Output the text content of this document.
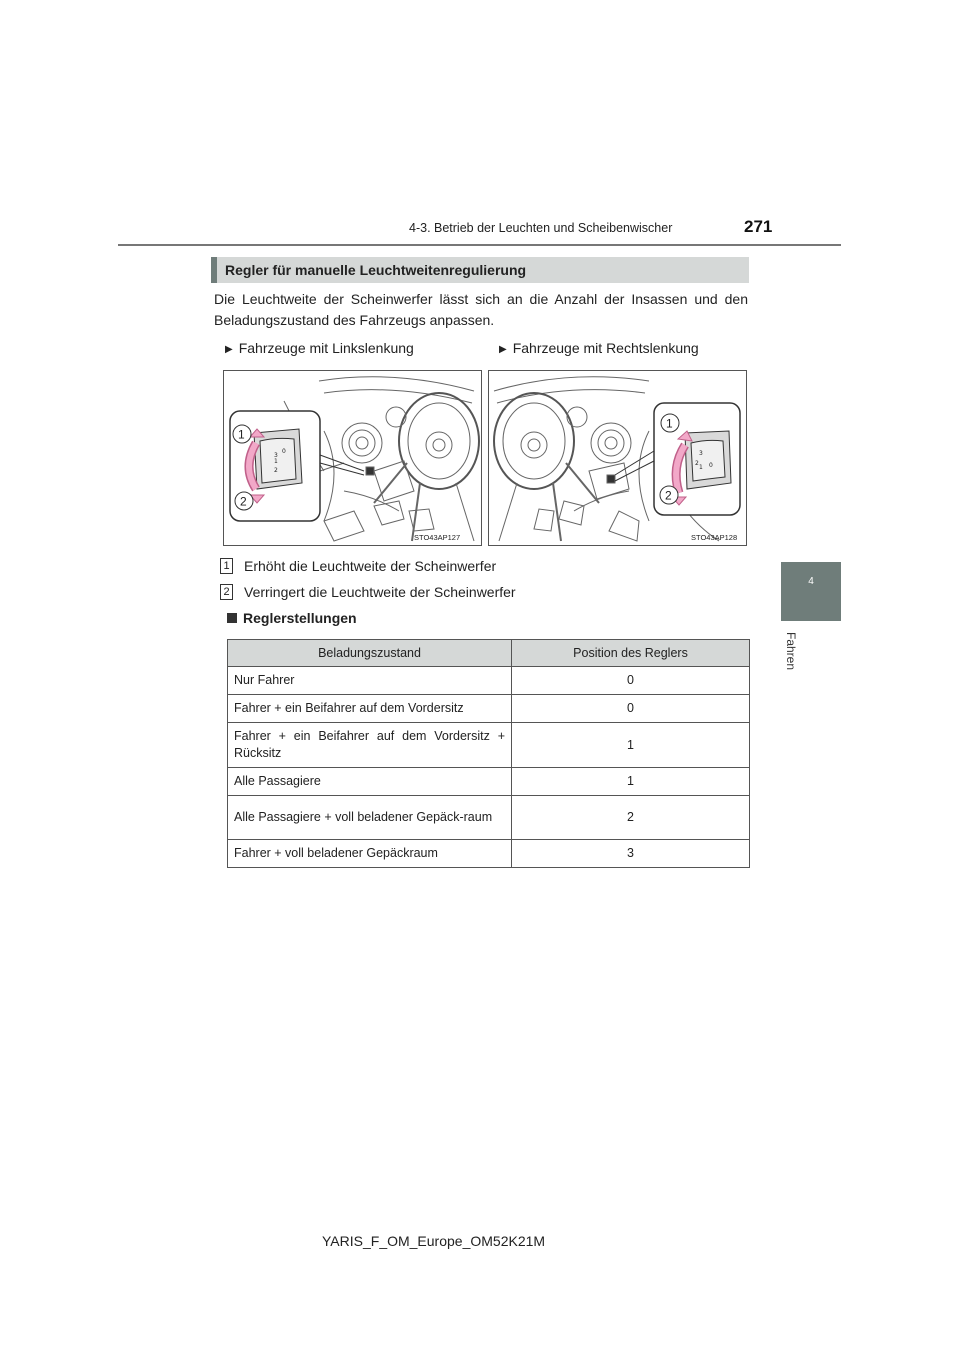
4-3. Betrieb der Leuchten und Scheibenwischer	271
4
Fahren
Regler für manuelle Leuchtweitenregulierung
Die Leuchtweite der Scheinwerfer lässt sich an die Anzahl der Insassen und den Beladungszustand des Fahrzeugs anpassen.
▶ Fahrzeuge mit Linkslenkung	▶ Fahrzeuge mit Rechtslenkung
0
1
2
3
1
2
STO43AP127
0
1
2
3
1
2
STO43AP128
1 Erhöht die Leuchtweite der Scheinwerfer
2 Verringert die Leuchtweite der Scheinwerfer
Reglerstellungen
Beladungszustand	Position des Reglers
Nur Fahrer	0
Fahrer + ein Beifahrer auf dem Vordersitz	0
Fahrer + ein Beifahrer auf dem Vordersitz + Rücksitz	1
Alle Passagiere	1
Alle Passagiere + voll beladener Gepäck-raum	2
Fahrer + voll beladener Gepäckraum	3
YARIS_F_OM_Europe_OM52K21M
